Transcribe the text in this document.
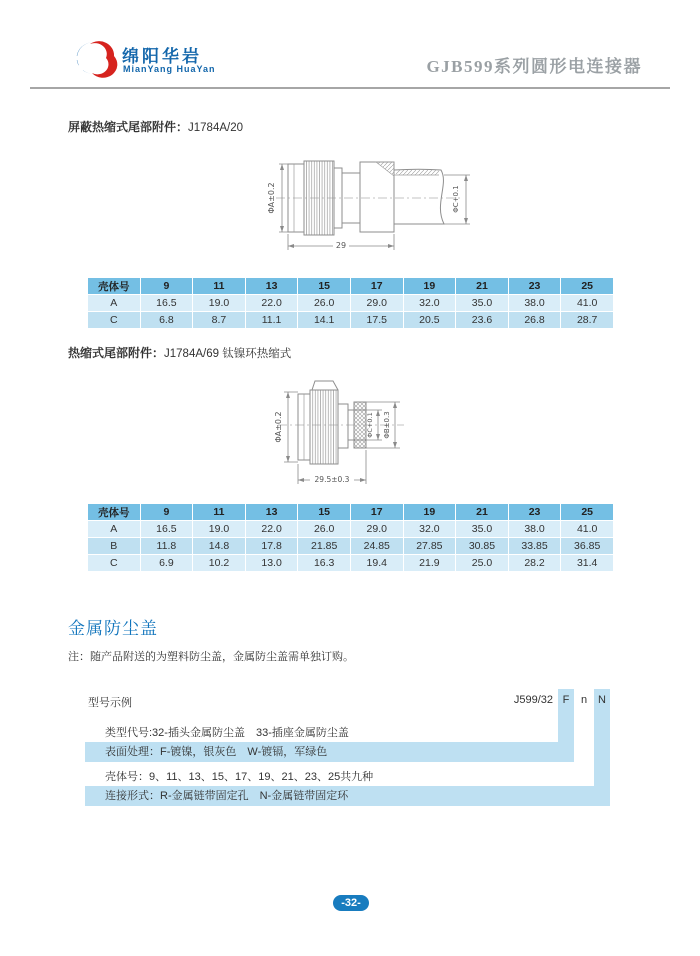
绵阳华岩
MianYang HuaYan	GJB599系列圆形电连接器
屏蔽热缩式尾部附件：J1784A/20
ΦA±0.2	ΦC+0.1
29
壳体号	9	11	13	15	17	19	21	23	25
A	16.5	19.0	22.0	26.0	29.0	32.0	35.0	38.0	41.0
C	6.8	8.7	11.1	14.1	17.5	20.5	23.6	26.8	28.7
热缩式尾部附件：J1784A/69 钛镍环热缩式
ΦA±0.2	ΦC+0.1 ΦB±0.3
29.5±0.3
壳体号	9	11	13	15	17	19	21	23	25
A	16.5	19.0	22.0	26.0	29.0	32.0	35.0	38.0	41.0
B	11.8	14.8	17.8	21.85	24.85	27.85	30.85	33.85	36.85
C	6.9	10.2	13.0	16.3	19.4	21.9	25.0	28.2	31.4
金属防尘盖
注：随产品附送的为塑料防尘盖，金属防尘盖需单独订购。
型号示例	J599/32 F	n N
类型代号:32-插头金属防尘盖　33-插座金属防尘盖
表面处理：F-镀镍，银灰色　W-镀镉，军绿色
壳体号：9、11、13、15、17、19、21、23、25共九种
连接形式：R-金属链带固定孔　N-金属链带固定环
-32-
